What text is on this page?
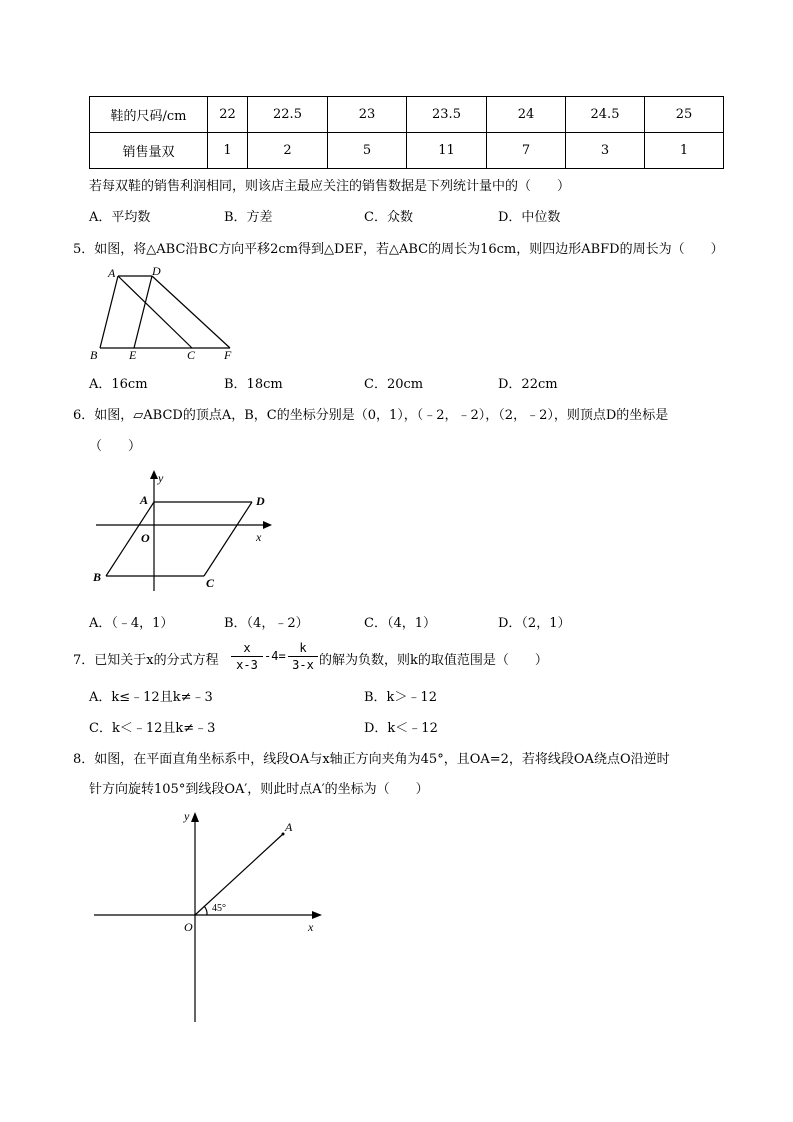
鞋的尺码/cm	22	22.5	23	23.5	24	24.5	25
销售量双	1	2	5	11	7	3	1
若每双鞋的销售利润相同，则该店主最应关注的销售数据是下列统计量中的（　　）
A．平均数	B．方差	C．众数	D．中位数
5．如图，将△ABC沿BC方向平移2cm得到△DEF，若△ABC的周长为16cm，则四边形ABFD的周长为（　　）
A	D
B	E	C F
A．16cm	B．18cm	C．20cm	D．22cm
6．如图，▱ABCD的顶点A，B，C的坐标分别是（0，1），（﹣2，﹣2），（2，﹣2），则顶点D的坐标是
（　　）
y
x
A	D
O
B	C
A．（﹣4，1）	B．（4，﹣2）	C．（4，1）	D．（2，1）
7．已知关于x的分式方程
x
x-3
-4=
k
3-x 的解为负数，则k的取值范围是（　　）
A．k≤﹣12且k≠﹣3	B．k＞﹣12
C．k＜﹣12且k≠﹣3	D．k＜﹣12
8．如图，在平面直角坐标系中，线段OA与x轴正方向夹角为45°，且OA=2，若将线段OA绕点O沿逆时
针方向旋转105°到线段OA′，则此时点A′的坐标为（　　）
y
A
45°
O	x
